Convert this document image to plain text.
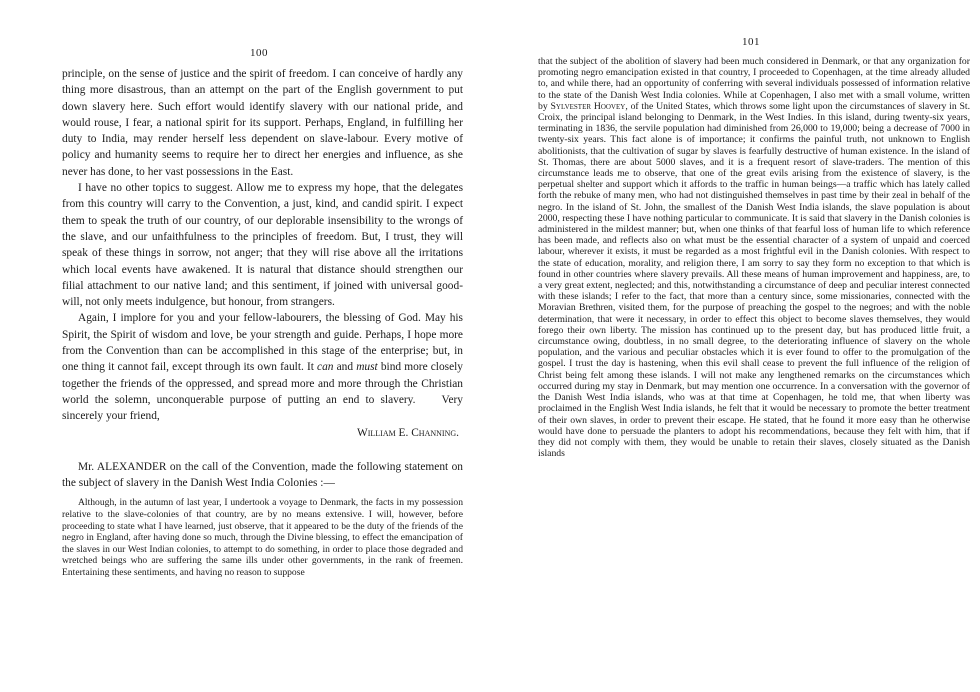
100

principle, on the sense of justice and the spirit of freedom. I can conceive of hardly any thing more disastrous, than an attempt on the part of the English government to put down slavery here. Such effort would identify slavery with our national pride, and would rouse, I fear, a national spirit for its support. Perhaps, England, in fulfilling her duty to India, may render herself less dependent on slave-labour. Every motive of policy and humanity seems to require her to direct her energies and influence, as she never has done, to her vast possessions in the East.

I have no other topics to suggest. Allow me to express my hope, that the delegates from this country will carry to the Convention, a just, kind, and candid spirit. I expect them to speak the truth of our country, of our deplorable insensibility to the wrongs of the slave, and our unfaithfulness to the principles of freedom. But, I trust, they will speak of these things in sorrow, not anger; that they will rise above all the irritations which local events have awakened. It is natural that distance should strengthen our filial attachment to our native land; and this sentiment, if joined with universal good-will, not only meets indulgence, but honour, from strangers.

Again, I implore for you and your fellow-labourers, the blessing of God. May his Spirit, the Spirit of wisdom and love, be your strength and guide. Perhaps, I hope more from the Convention than can be accomplished in this stage of the enterprise; but, in one thing it cannot fail, except through its own fault. It can and must bind more closely together the friends of the oppressed, and spread more and more through the Christian world the solemn, unconquerable purpose of putting an end to slavery. Very sincerely your friend,

William E. Channing.

Mr. ALEXANDER on the call of the Convention, made the following statement on the subject of slavery in the Danish West India Colonies :—

Although, in the autumn of last year, I undertook a voyage to Denmark, the facts in my possession relative to the slave-colonies of that country, are by no means extensive. I will, however, before proceeding to state what I have learned, just observe, that it appeared to be the duty of the friends of the negro in England, after having done so much, through the Divine blessing, to effect the emancipation of the slaves in our West Indian colonies, to attempt to do something, in order to place those degraded and wretched beings who are suffering the same ills under other governments, in the rank of freemen. Entertaining these sentiments, and having no reason to suppose

101

that the subject of the abolition of slavery had been much considered in Denmark, or that any organization for promoting negro emancipation existed in that country, I proceeded to Copenhagen, at the time already alluded to, and while there, had an opportunity of conferring with several individuals possessed of information relative to the state of the Danish West India colonies. While at Copenhagen, I also met with a small volume, written by Sylvester Hoovey, of the United States, which throws some light upon the circumstances of slavery in St. Croix, the principal island belonging to Denmark, in the West Indies. In this island, during twenty-six years, terminating in 1836, the servile population had diminished from 26,000 to 19,000; being a decrease of 7000 in twenty-six years. This fact alone is of importance; it confirms the painful truth, not unknown to English abolitionists, that the cultivation of sugar by slaves is fearfully destructive of human existence. In the island of St. Thomas, there are about 5000 slaves, and it is a frequent resort of slave-traders. The mention of this circumstance leads me to observe, that one of the great evils arising from the existence of slavery, is the perpetual shelter and support which it affords to the traffic in human beings—a traffic which has lately called forth the rebuke of many men, who had not distinguished themselves in past time by their zeal in behalf of the negro. In the island of St. John, the smallest of the Danish West India islands, the slave population is about 2000, respecting these I have nothing particular to communicate. It is said that slavery in the Danish colonies is administered in the mildest manner; but, when one thinks of that fearful loss of human life to which reference has been made, and reflects also on what must be the essential character of a system of unpaid and coerced labour, wherever it exists, it must be regarded as a most frightful evil in the Danish colonies. With respect to the state of education, morality, and religion there, I am sorry to say they form no exception to that which is found in other countries where slavery prevails. All these means of human improvement and happiness, are, to a very great extent, neglected; and this, notwithstanding a circumstance of deep and peculiar interest connected with these islands; I refer to the fact, that more than a century since, some missionaries, connected with the Moravian Brethren, visited them, for the purpose of preaching the gospel to the negroes; and with the noble determination, that were it necessary, in order to effect this object to become slaves themselves, they would forego their own liberty. The mission has continued up to the present day, but has produced little fruit, a circumstance owing, doubtless, in no small degree, to the deteriorating influence of slavery on the whole population, and the various and peculiar obstacles which it is ever found to offer to the promulgation of the gospel. I trust the day is hastening, when this evil shall cease to prevent the full influence of the religion of Christ being felt among these islands. I will not make any lengthened remarks on the circumstances which occurred during my stay in Denmark, but may mention one occurrence. In a conversation with the governor of the Danish West India islands, who was at that time at Copenhagen, he told me, that when liberty was proclaimed in the English West India islands, he felt that it would be necessary to promote the better treatment of their own slaves, in order to prevent their escape. He stated, that he found it more easy than he otherwise would have done to persuade the planters to adopt his recommendations, because they felt with him, that if they did not comply with them, they would be unable to retain their slaves, closely situated as the Danish islands
